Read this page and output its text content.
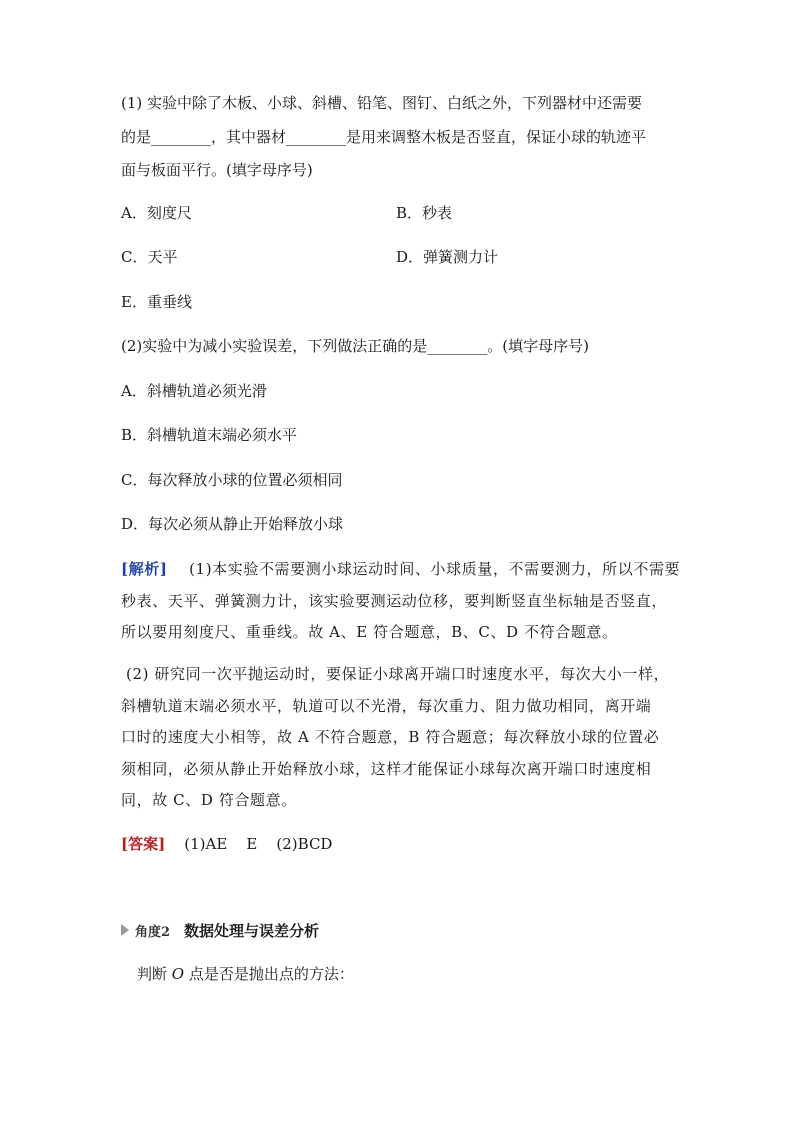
(1) 实验中除了木板、小球、斜槽、铅笔、图钉、白纸之外，下列器材中还需要
的是________，其中器材________是用来调整木板是否竖直，保证小球的轨迹平
面与板面平行。(填字母序号)
A．刻度尺	B．秒表
C．天平	D．弹簧测力计
E．重垂线
(2)实验中为减小实验误差，下列做法正确的是________。(填字母序号)
A．斜槽轨道必须光滑
B．斜槽轨道末端必须水平
C．每次释放小球的位置必须相同
D．每次必须从静止开始释放小球
[解析] (1)本实验不需要测小球运动时间、小球质量，不需要测力，所以不需要
秒表、天平、弹簧测力计，该实验要测运动位移，要判断竖直坐标轴是否竖直，
所以要用刻度尺、重垂线。故 A、E 符合题意，B、C、D 不符合题意。
(2) 研究同一次平抛运动时，要保证小球离开端口时速度水平，每次大小一样，
斜槽轨道末端必须水平，轨道可以不光滑，每次重力、阻力做功相同，离开端
口时的速度大小相等，故 A 不符合题意，B 符合题意；每次释放小球的位置必
须相同，必须从静止开始释放小球，这样才能保证小球每次离开端口时速度相
同，故 C、D 符合题意。
[答案] (1)AE    E    (2)BCD
角度2 数据处理与误差分析
判断 O 点是否是抛出点的方法：
